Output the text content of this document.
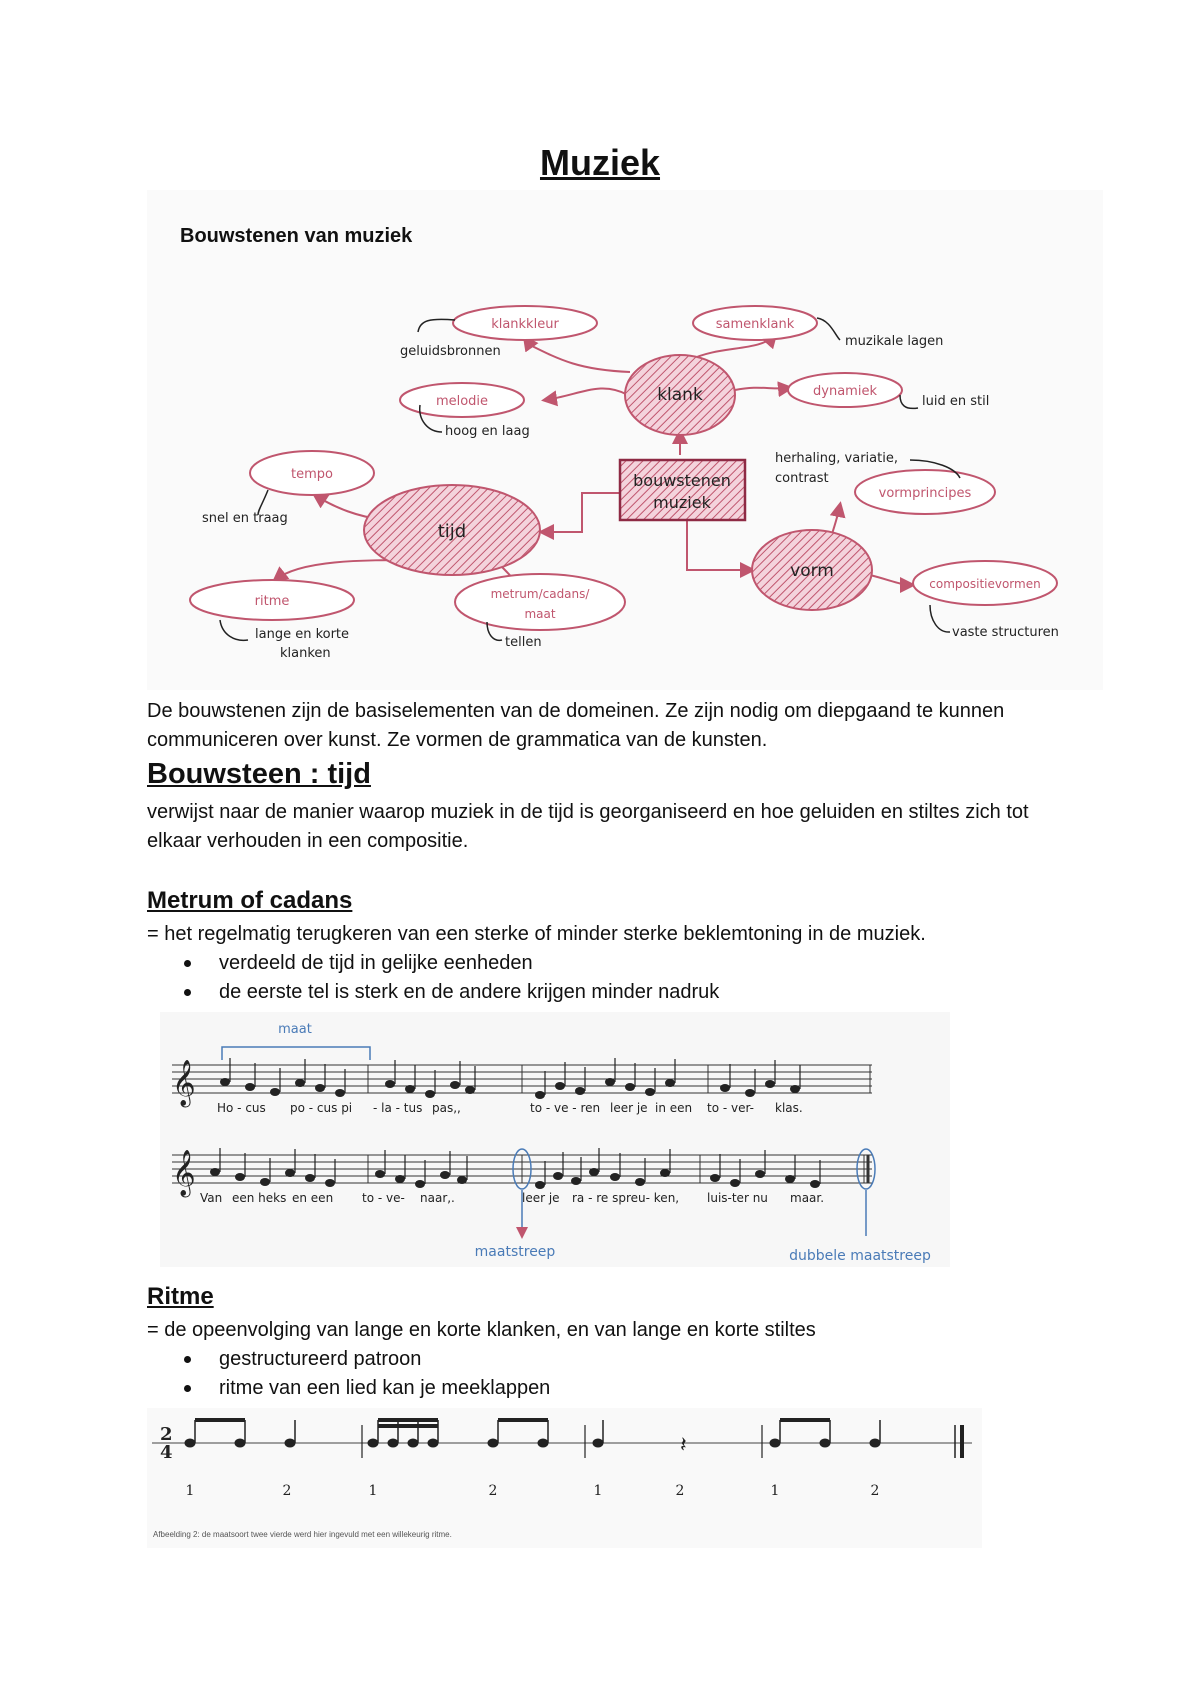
Muziek
Bouwstenen van muziek
bouwstenen
muziek
klank
tijd
vorm
klankkleur	samenklank
melodie
dynamiek
tempo
ritme	metrum/cadans/
maat
vormprincipes
compositievormen
geluidsbronnen
muzikale lagen
hoog en laag
luid en stil
snel en traag
herhaling, variatie,
contrast
lange en korte
klanken
tellen
vaste structuren

De bouwstenen zijn de basiselementen van de domeinen. Ze zijn nodig om diepgaand te kunnen communiceren over kunst. Ze vormen de grammatica van de kunsten.

Bouwsteen : tijd

verwijst naar de manier waarop muziek in de tijd is georganiseerd en hoe geluiden en stiltes zich tot elkaar verhouden in een compositie.

Metrum of cadans

= het regelmatig terugkeren van een sterke of minder sterke beklemtoning in de muziek.

verdeeld de tijd in gelijke eenheden
de eerste tel is sterk en de andere krijgen minder nadruk
maat
𝄞
𝄞
maatstreep	dubbele maatstreep
Ho - cus po - cus pi - la - tus pas,,	to - ve - ren leer je in een to - ver- klas.
Van een heks en een to - ve- naar,.	leer je ra - re spreu- ken, luis-ter nu maar.
Ritme

= de opeenvolging van lange en korte klanken, en van lange en korte stiltes

gestructureerd patroon
ritme van een lied kan je meeklappen
2
4	𝄽
1	2	1	2	1	2	1	2

Afbeelding 2: de maatsoort twee vierde werd hier ingevuld met een willekeurig ritme.
